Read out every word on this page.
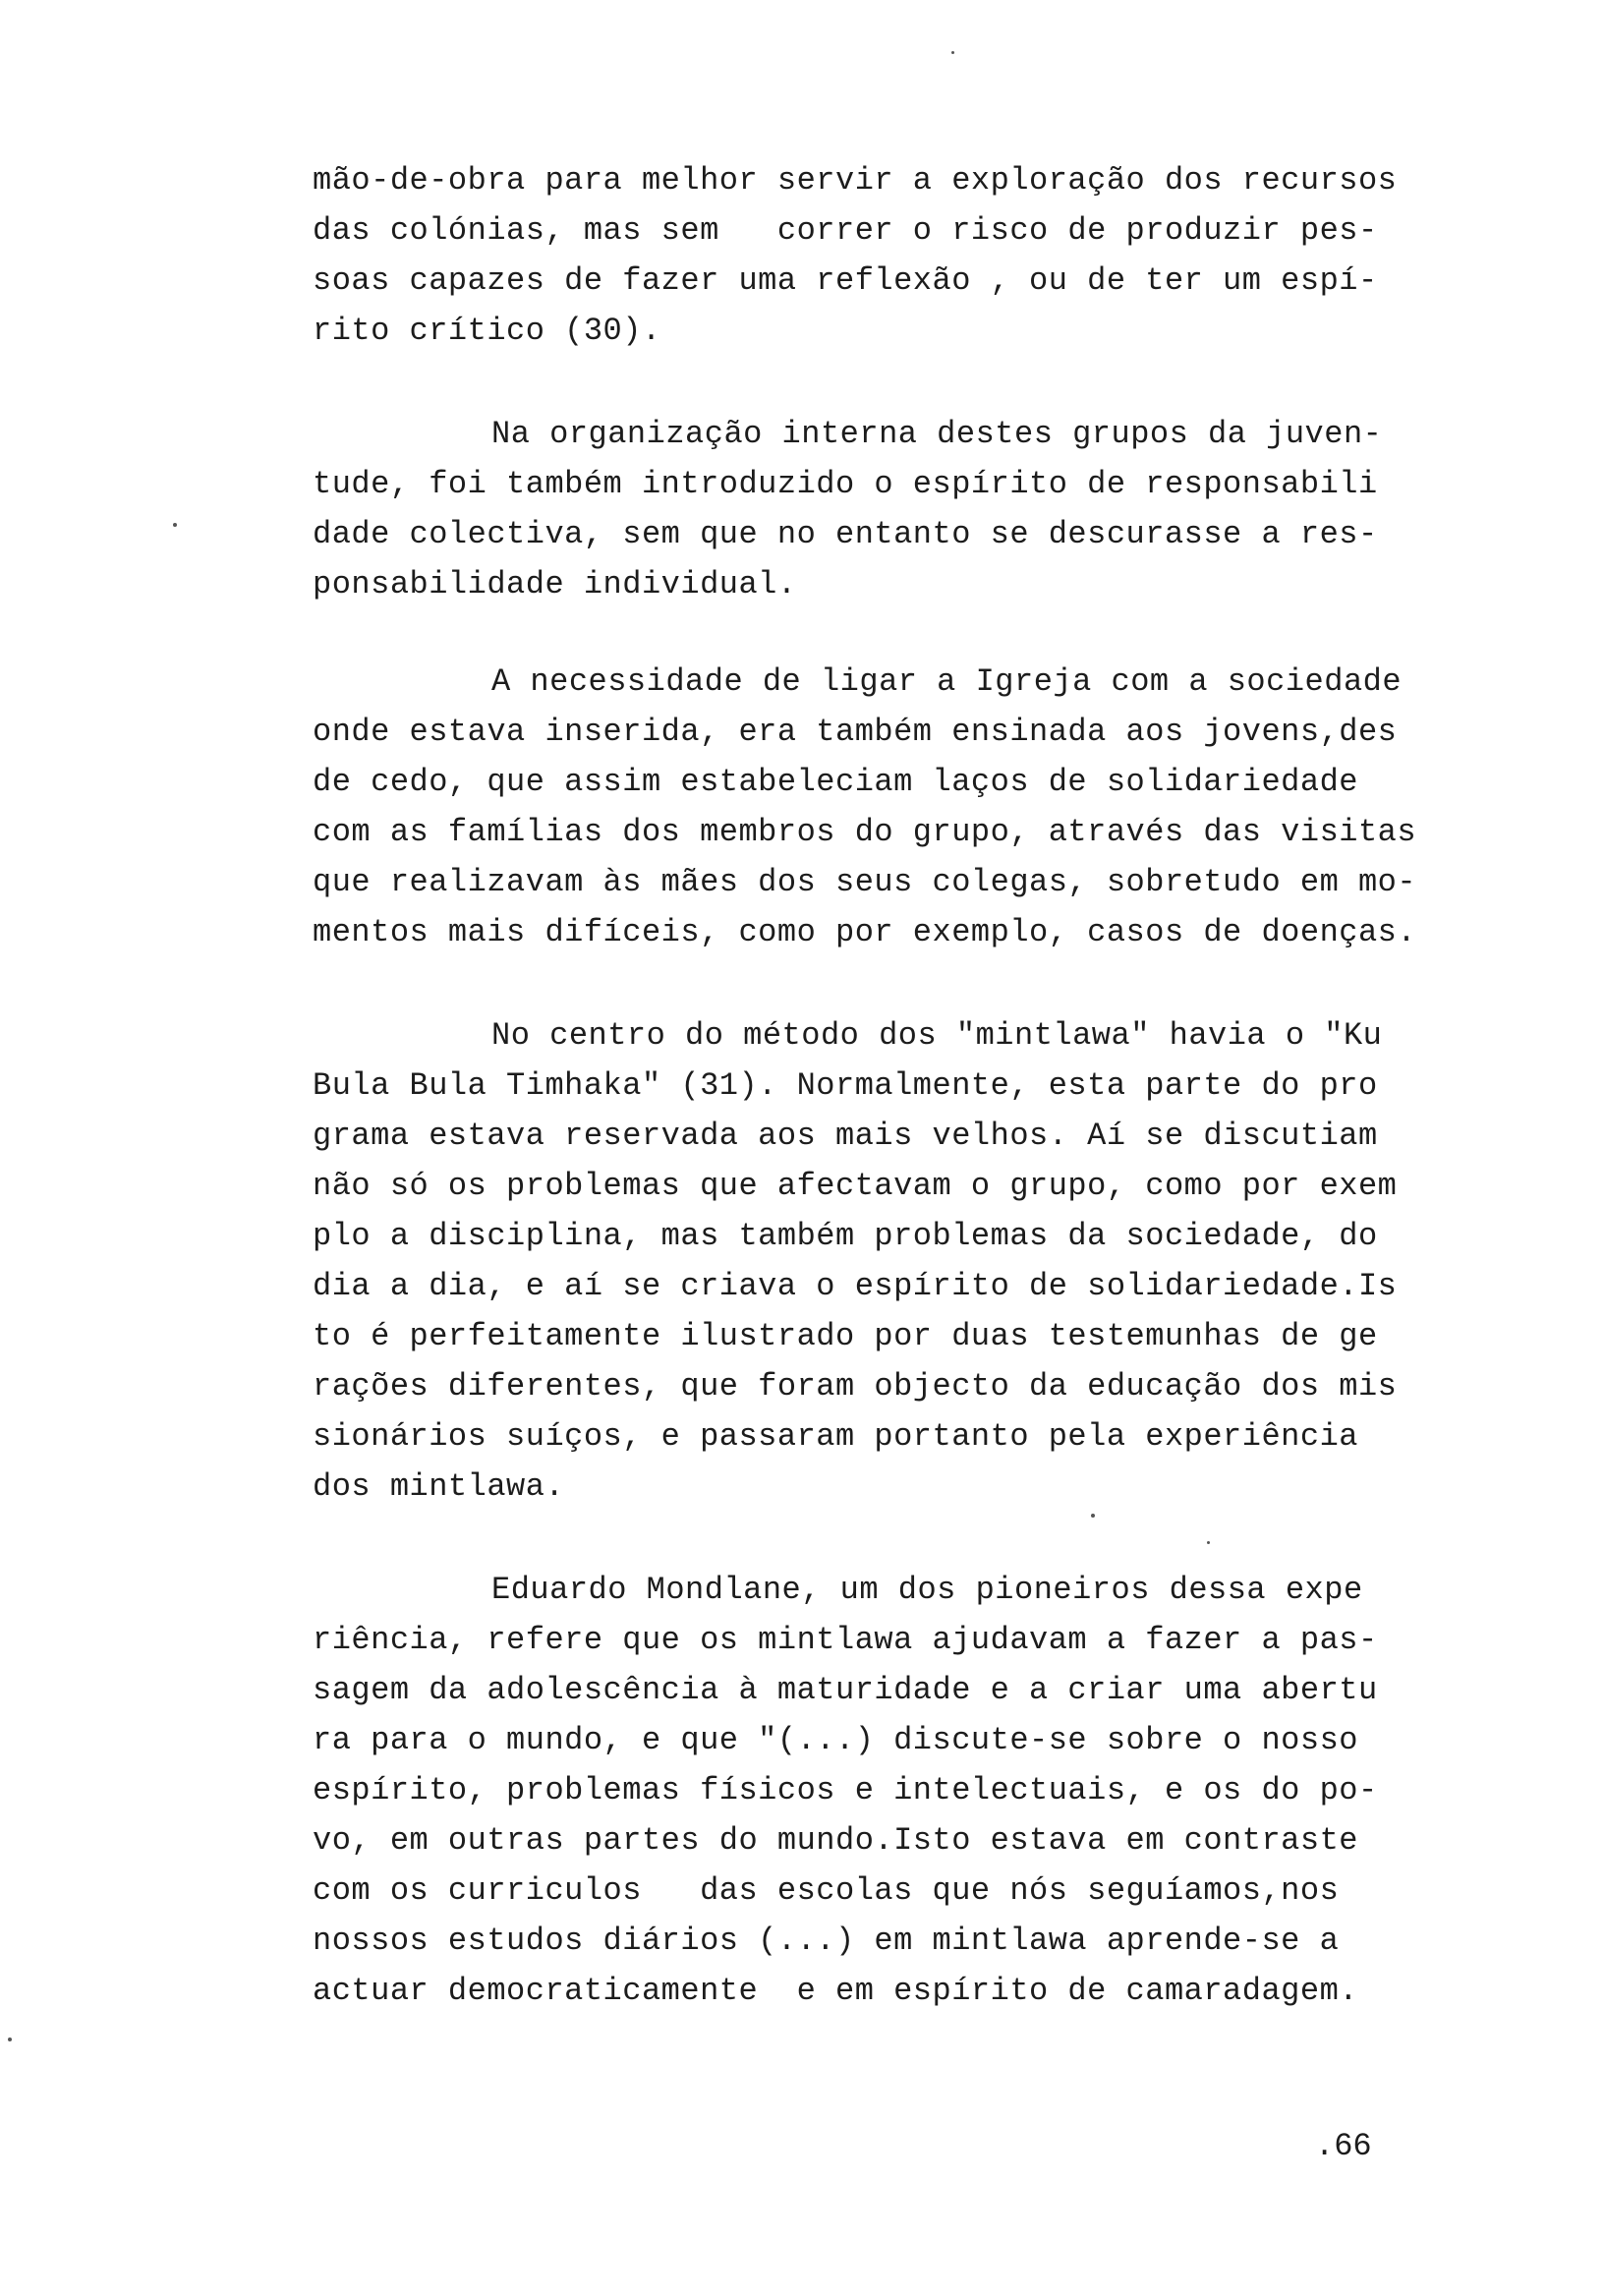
mão-de-obra para melhor servir a exploração dos recursos
das colónias, mas sem   correr o risco de produzir pes-
soas capazes de fazer uma reflexão , ou de ter um espí-
rito crítico (30).
Na organização interna destes grupos da juven-
tude, foi também introduzido o espírito de responsabili
dade colectiva, sem que no entanto se descurasse a res-
ponsabilidade individual.
A necessidade de ligar a Igreja com a sociedade
onde estava inserida, era também ensinada aos jovens,des
de cedo, que assim estabeleciam laços de solidariedade
com as famílias dos membros do grupo, através das visitas
que realizavam às mães dos seus colegas, sobretudo em mo-
mentos mais difíceis, como por exemplo, casos de doenças.
No centro do método dos "mintlawa" havia o "Ku
Bula Bula Timhaka" (31). Normalmente, esta parte do pro
grama estava reservada aos mais velhos. Aí se discutiam
não só os problemas que afectavam o grupo, como por exem
plo a disciplina, mas também problemas da sociedade, do
dia a dia, e aí se criava o espírito de solidariedade.Is
to é perfeitamente ilustrado por duas testemunhas de ge
rações diferentes, que foram objecto da educação dos mis
sionários suíços, e passaram portanto pela experiência
dos mintlawa.
Eduardo Mondlane, um dos pioneiros dessa expe
riência, refere que os mintlawa ajudavam a fazer a pas-
sagem da adolescência à maturidade e a criar uma abertu
ra para o mundo, e que "(...) discute-se sobre o nosso
espírito, problemas físicos e intelectuais, e os do po-
vo, em outras partes do mundo.Isto estava em contraste
com os curriculos   das escolas que nós seguíamos,nos
nossos estudos diários (...) em mintlawa aprende-se a
actuar democraticamente  e em espírito de camaradagem.
.66
